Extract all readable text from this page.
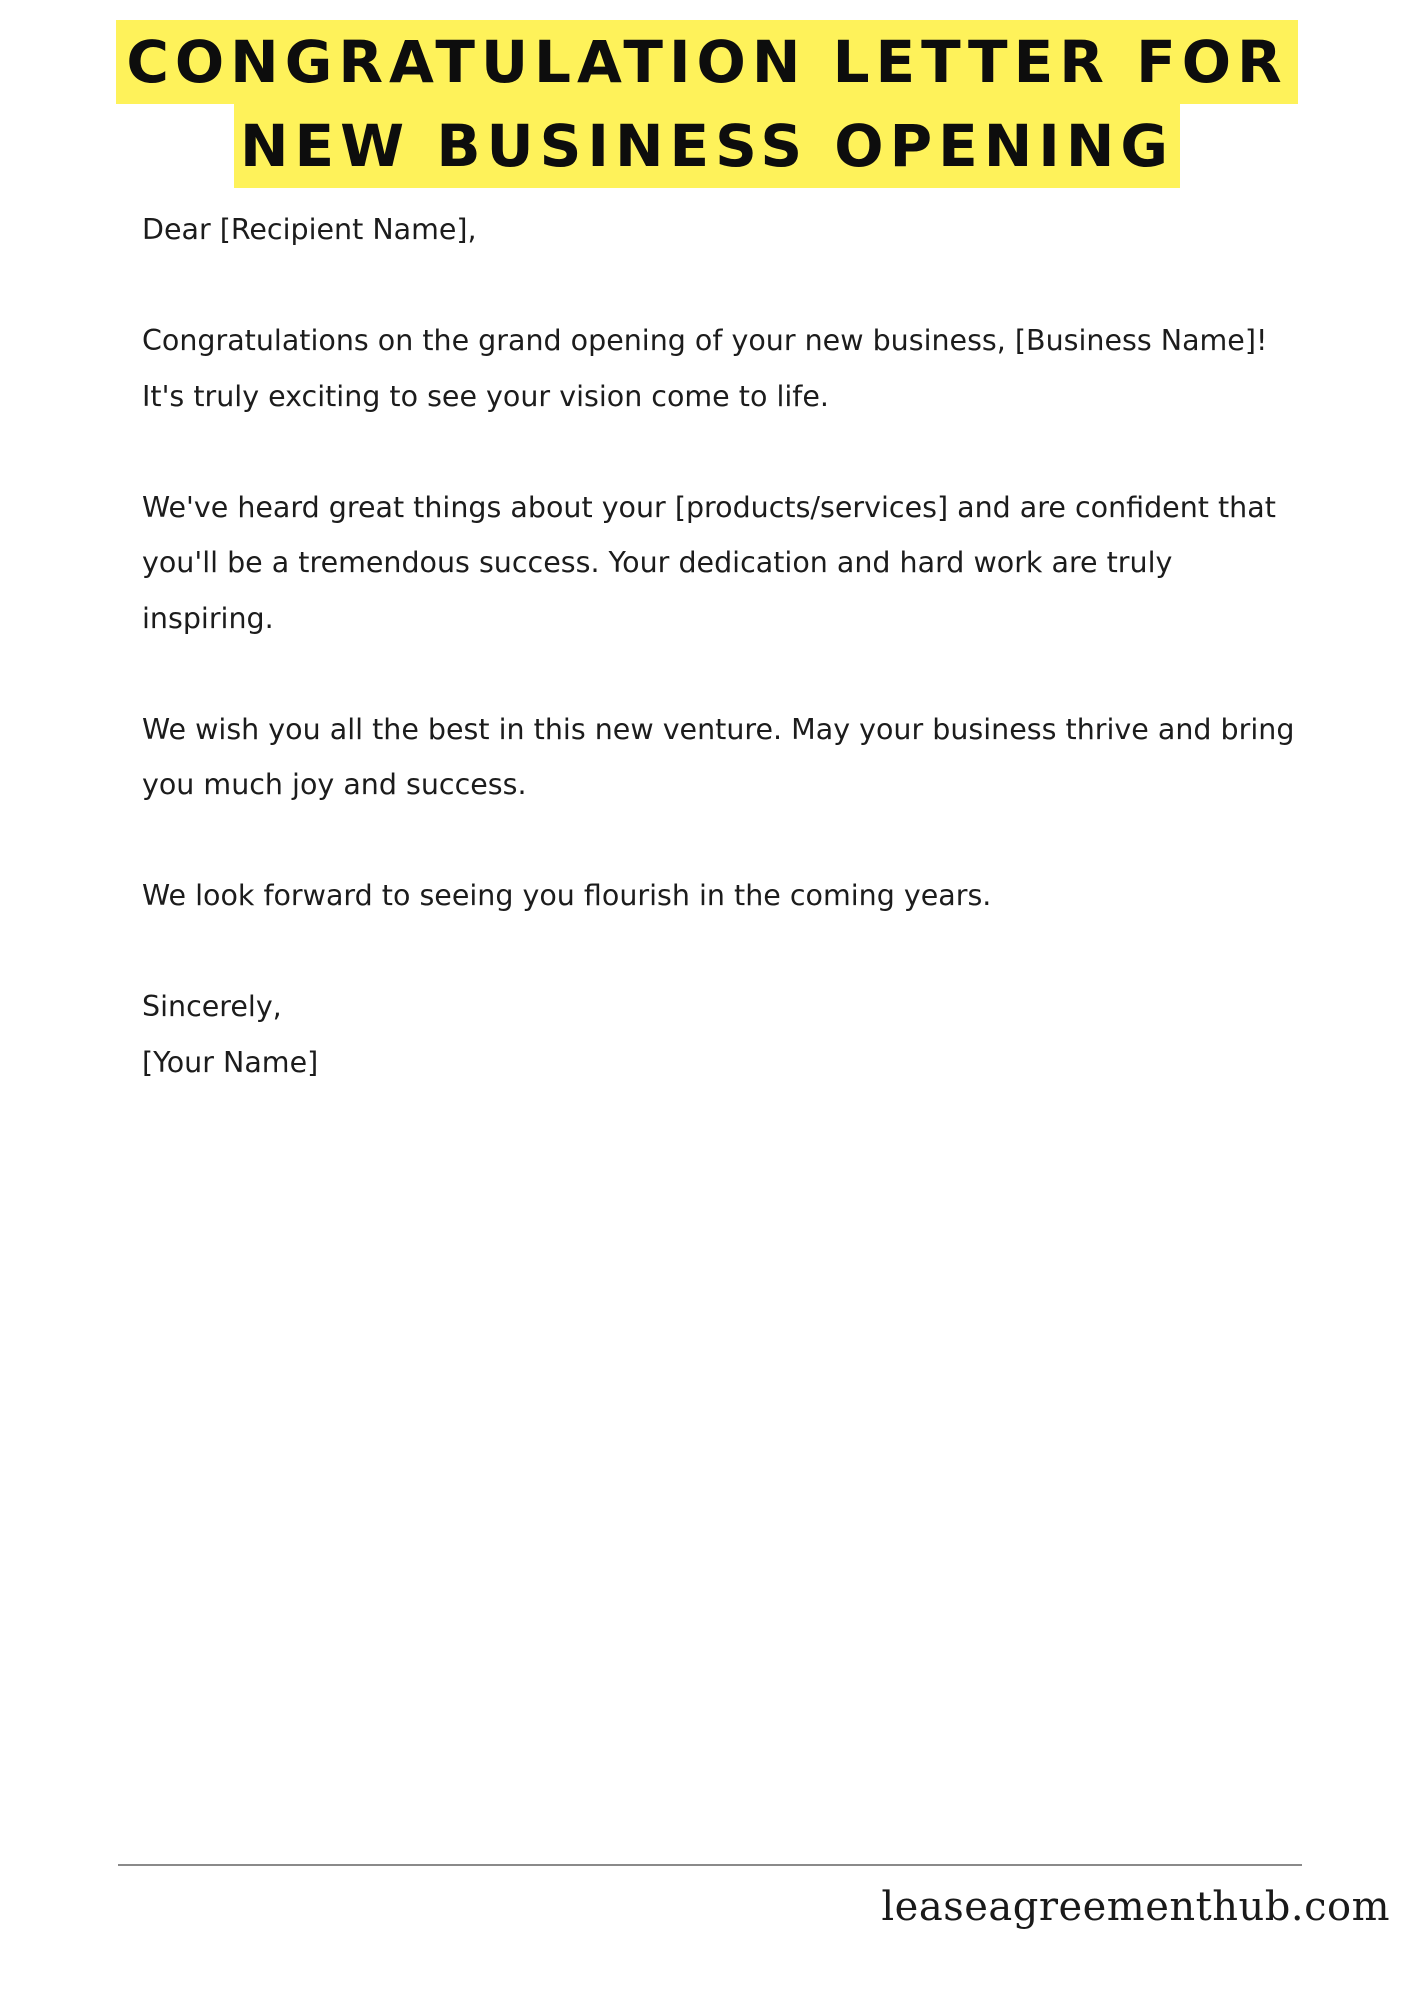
CONGRATULATION LETTER FOR
NEW BUSINESS OPENING

Dear [Recipient Name],

Congratulations on the grand opening of your new business, [Business Name]! It's truly exciting to see your vision come to life.

We've heard great things about your [products/services] and are confident that you'll be a tremendous success. Your dedication and hard work are truly inspiring.

We wish you all the best in this new venture. May your business thrive and bring you much joy and success.

We look forward to seeing you flourish in the coming years.

Sincerely,

[Your Name]

leaseagreementhub.com
